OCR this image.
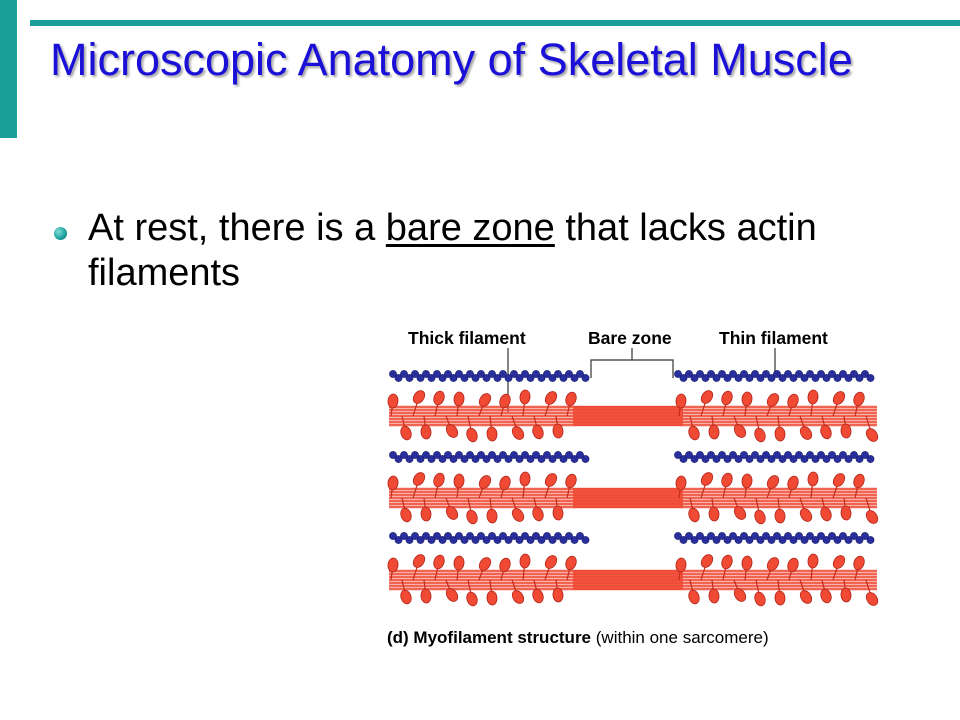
Microscopic Anatomy of Skeletal Muscle
At rest, there is a bare zone that lacks actin filaments
Thick filament	Bare zone	Thin filament
(d) Myofilament structure (within one sarcomere)
